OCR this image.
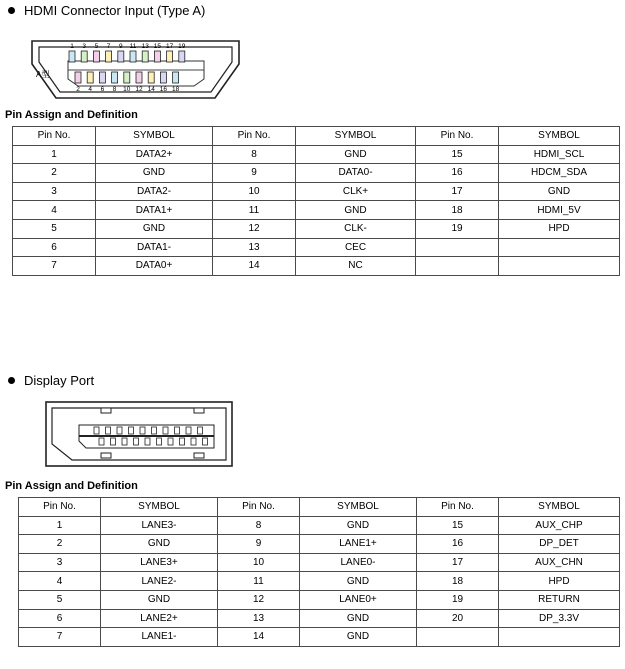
HDMI Connector Input (Type A)
1 3 5 7 9 11 13 15 17 19
2 4 6 8 10 12 14 16 18
A型
Pin Assign and Definition
Pin No.	SYMBOL	Pin No.	SYMBOL	Pin No.	SYMBOL
1	DATA2+	8	GND	15	HDMI_SCL
2	GND	9	DATA0-	16	HDCM_SDA
3	DATA2-	10	CLK+	17	GND
4	DATA1+	11	GND	18	HDMI_5V
5	GND	12	CLK-	19	HPD
6	DATA1-	13	CEC		
7	DATA0+	14	NC		
Display Port
Pin Assign and Definition
Pin No.	SYMBOL	Pin No.	SYMBOL	Pin No.	SYMBOL
1	LANE3-	8	GND	15	AUX_CHP
2	GND	9	LANE1+	16	DP_DET
3	LANE3+	10	LANE0-	17	AUX_CHN
4	LANE2-	11	GND	18	HPD
5	GND	12	LANE0+	19	RETURN
6	LANE2+	13	GND	20	DP_3.3V
7	LANE1-	14	GND		
